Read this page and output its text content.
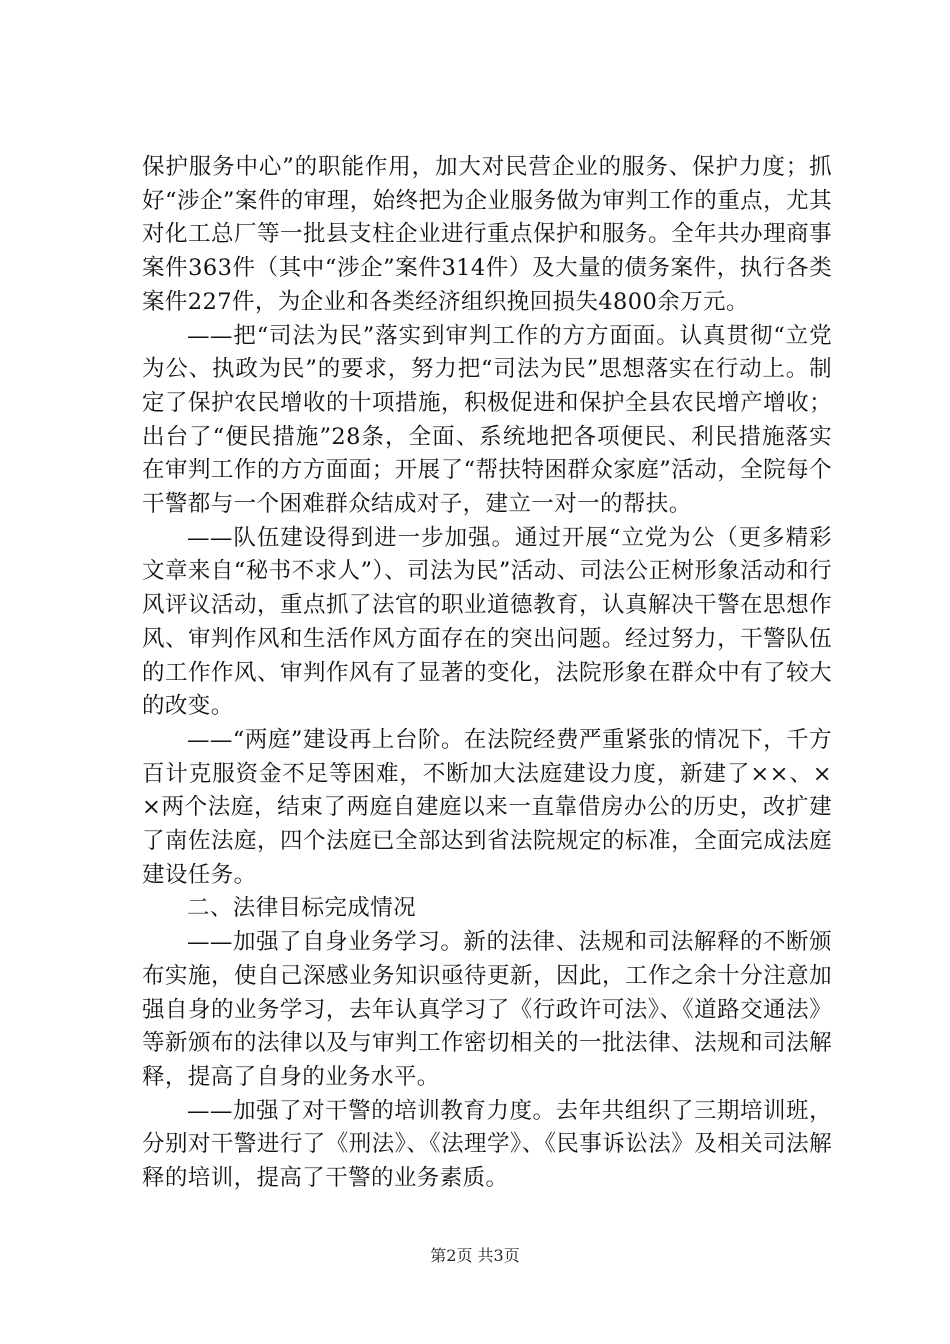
保护服务中心”的职能作用，加大对民营企业的服务、保护力度；抓好“涉企”案件的审理，始终把为企业服务做为审判工作的重点，尤其对化工总厂等一批县支柱企业进行重点保护和服务。全年共办理商事案件363件（其中“涉企”案件314件）及大量的债务案件，执行各类案件227件，为企业和各类经济组织挽回损失4800余万元。

——把“司法为民”落实到审判工作的方方面面。认真贯彻“立党为公、执政为民”的要求，努力把“司法为民”思想落实在行动上。制定了保护农民增收的十项措施，积极促进和保护全县农民增产增收；出台了“便民措施”28条，全面、系统地把各项便民、利民措施落实在审判工作的方方面面；开展了“帮扶特困群众家庭”活动，全院每个干警都与一个困难群众结成对子，建立一对一的帮扶。

——队伍建设得到进一步加强。通过开展“立党为公（更多精彩文章来自“秘书不求人”）、司法为民”活动、司法公正树形象活动和行风评议活动，重点抓了法官的职业道德教育，认真解决干警在思想作风、审判作风和生活作风方面存在的突出问题。经过努力，干警队伍的工作作风、审判作风有了显著的变化，法院形象在群众中有了较大的改变。

——“两庭”建设再上台阶。在法院经费严重紧张的情况下，千方百计克服资金不足等困难，不断加大法庭建设力度，新建了××、××两个法庭，结束了两庭自建庭以来一直靠借房办公的历史，改扩建了南佐法庭，四个法庭已全部达到省法院规定的标准，全面完成法庭建设任务。

二、法律目标完成情况

——加强了自身业务学习。新的法律、法规和司法解释的不断颁布实施，使自己深感业务知识亟待更新，因此，工作之余十分注意加强自身的业务学习，去年认真学习了《行政许可法》、《道路交通法》等新颁布的法律以及与审判工作密切相关的一批法律、法规和司法解释，提高了自身的业务水平。

——加强了对干警的培训教育力度。去年共组织了三期培训班，分别对干警进行了《刑法》、《法理学》、《民事诉讼法》及相关司法解释的培训，提高了干警的业务素质。

第2页 共3页
